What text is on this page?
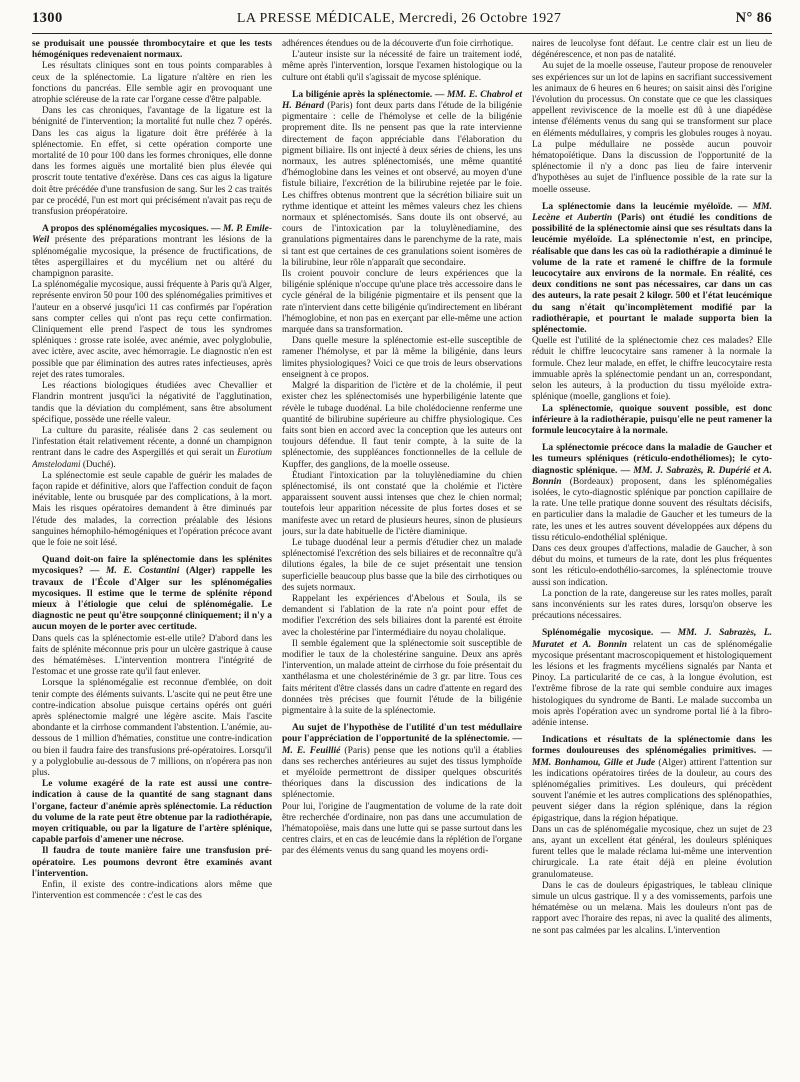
1300	LA PRESSE MÉDICALE, Mercredi, 26 Octobre 1927	N° 86

se produisait une poussée thrombocytaire et que les tests hémogéniques redevenaient normaux.

Les résultats cliniques sont en tous points comparables à ceux de la splénectomie. La ligature n'altère en rien les fonctions du pancréas. Elle semble agir en provoquant une atrophie scléreuse de la rate car l'organe cesse d'être palpable.

Dans les cas chroniques, l'avantage de la ligature est la bénignité de l'intervention; la mortalité fut nulle chez 7 opérés. Dans les cas aigus la ligature doit être préférée à la splénectomie. En effet, si cette opération comporte une mortalité de 10 pour 100 dans les formes chroniques, elle donne dans les formes aiguës une mortalité bien plus élevée qui proscrit toute tentative d'exérèse. Dans ces cas aigus la ligature doit être précédée d'une transfusion de sang. Sur les 2 cas traités par ce procédé, l'un est mort qui précisément n'avait pas reçu de transfusion préopératoire.

A propos des splénomégalies mycosiques. — M. P. Emile-Weil présente des préparations montrant les lésions de la splénomégalie mycosique, la présence de fructifications, de têtes aspergillaires et du mycélium net ou altéré du champignon parasite.

La splénomégalie mycosique, aussi fréquente à Paris qu'à Alger, représente environ 50 pour 100 des splénomégalies primitives et l'auteur en a observé jusqu'ici 11 cas confirmés par l'opération sans compter celles qui n'ont pas reçu cette confirmation. Cliniquement elle prend l'aspect de tous les syndromes spléniques : grosse rate isolée, avec anémie, avec polyglobulie, avec ictère, avec ascite, avec hémorragie. Le diagnostic n'en est possible que par élimination des autres rates infectieuses, après rejet des rates tumorales.

Les réactions biologiques étudiées avec Chevallier et Flandrin montrent jusqu'ici la négativité de l'agglutination, tandis que la déviation du complément, sans être absolument spécifique, possède une réelle valeur.

La culture du parasite, réalisée dans 2 cas seulement ou l'infestation était relativement récente, a donné un champignon rentrant dans le cadre des Aspergillés et qui serait un Eurotium Amstelodami (Duché).

La splénectomie est seule capable de guérir les malades de façon rapide et définitive, alors que l'affection conduit de façon inévitable, lente ou brusquée par des complications, à la mort. Mais les risques opératoires demandent à être diminués par l'étude des malades, la correction préalable des lésions sanguines hémophilo-hémogéniques et l'opération précoce avant que le foie ne soit lésé.

Quand doit-on faire la splénectomie dans les splénites mycosiques? — M. E. Costantini (Alger) rappelle les travaux de l'École d'Alger sur les splénomégalies mycosiques. Il estime que le terme de splénite répond mieux à l'étiologie que celui de splénomégalie. Le diagnostic ne peut qu'être soupçonné cliniquement; il n'y a aucun moyen de le porter avec certitude.

Dans quels cas la splénectomie est-elle utile? D'abord dans les faits de splénite méconnue pris pour un ulcère gastrique à cause des hématémèses. L'intervention montrera l'intégrité de l'estomac et une grosse rate qu'il faut enlever.

Lorsque la splénomégalie est reconnue d'emblée, on doit tenir compte des éléments suivants. L'ascite qui ne peut être une contre-indication absolue puisque certains opérés ont guéri après splénectomie malgré une légère ascite. Mais l'ascite abondante et la cirrhose commandent l'abstention. L'anémie, au-dessous de 1 million d'hématies, constitue une contre-indication ou bien il faudra faire des transfusions pré-opératoires. Lorsqu'il y a polyglobulie au-dessous de 7 millions, on n'opérera pas non plus.

Le volume exagéré de la rate est aussi une contre-indication à cause de la quantité de sang stagnant dans l'organe, facteur d'anémie après splénectomie. La réduction du volume de la rate peut être obtenue par la radiothérapie, moyen critiquable, ou par la ligature de l'artère splénique, capable parfois d'amener une nécrose.

Il faudra de toute manière faire une transfusion pré-opératoire. Les poumons devront être examinés avant l'intervention.

Enfin, il existe des contre-indications alors même que l'intervention est commencée : c'est le cas des

adhérences étendues ou de la découverte d'un foie cirrhotique.

L'auteur insiste sur la nécessité de faire un traitement iodé, même après l'intervention, lorsque l'examen histologique ou la culture ont établi qu'il s'agissait de mycose splénique.

La biligénie après la splénectomie. — MM. E. Chabrol et H. Bénard (Paris) font deux parts dans l'étude de la biligénie pigmentaire : celle de l'hémolyse et celle de la biligénie proprement dite. Ils ne pensent pas que la rate intervienne directement de façon appréciable dans l'élaboration du pigment biliaire. Ils ont injecté à deux séries de chiens, les uns normaux, les autres splénectomisés, une même quantité d'hémoglobine dans les veines et ont observé, au moyen d'une fistule biliaire, l'excrétion de la bilirubine rejetée par le foie. Les chiffres obtenus montrent que la sécrétion biliaire suit un rythme identique et atteint les mêmes valeurs chez les chiens normaux et splénectomisés. Sans doute ils ont observé, au cours de l'intoxication par la toluylènediamine, des granulations pigmentaires dans le parenchyme de la rate, mais si tant est que certaines de ces granulations soient isomères de la bilirubine, leur rôle n'apparaît que secondaire.

Ils croient pouvoir conclure de leurs expériences que la biligénie splénique n'occupe qu'une place très accessoire dans le cycle général de la biligénie pigmentaire et ils pensent que la rate n'intervient dans cette biligénie qu'indirectement en libérant l'hémoglobine, et non pas en exerçant par elle-même une action marquée dans sa transformation.

Dans quelle mesure la splénectomie est-elle susceptible de ramener l'hémolyse, et par là même la biligénie, dans leurs limites physiologiques? Voici ce que trois de leurs observations enseignent à ce propos.

Malgré la disparition de l'ictère et de la cholémie, il peut exister chez les splénectomisés une hyperbiligénie latente que révèle le tubage duodénal. La bile cholédocienne renferme une quantité de bilirubine supérieure au chiffre physiologique. Ces faits sont bien en accord avec la conception que les auteurs ont toujours défendue. Il faut tenir compte, à la suite de la splénectomie, des suppléances fonctionnelles de la cellule de Kupffer, des ganglions, de la moelle osseuse.

Étudiant l'intoxication par la toluylènediamine du chien splénectomisé, ils ont constaté que la cholémie et l'ictère apparaissent souvent aussi intenses que chez le chien normal; toutefois leur apparition nécessite de plus fortes doses et se manifeste avec un retard de plusieurs heures, sinon de plusieurs jours, sur la date habituelle de l'ictère diaminique.

Le tubage duodénal leur a permis d'étudier chez un malade splénectomisé l'excrétion des sels biliaires et de reconnaître qu'à dilutions égales, la bile de ce sujet présentait une tension superficielle beaucoup plus basse que la bile des cirrhotiques ou des sujets normaux.

Rappelant les expériences d'Abelous et Soula, ils se demandent si l'ablation de la rate n'a point pour effet de modifier l'excrétion des sels biliaires dont la parenté est étroite avec la cholestérine par l'intermédiaire du noyau cholalique.

Il semble également que la splénectomie soit susceptible de modifier le taux de la cholestérine sanguine. Deux ans après l'intervention, un malade atteint de cirrhose du foie présentait du xanthélasma et une cholestérinémie de 3 gr. par litre. Tous ces faits méritent d'être classés dans un cadre d'attente en regard des données très précises que fournit l'étude de la biligénie pigmentaire à la suite de la splénectomie.

Au sujet de l'hypothèse de l'utilité d'un test médullaire pour l'appréciation de l'opportunité de la splénectomie. — M. E. Feuillié (Paris) pense que les notions qu'il a établies dans ses recherches antérieures au sujet des tissus lymphoïde et myéloïde permettront de dissiper quelques obscurités théoriques dans la discussion des indications de la splénectomie.

Pour lui, l'origine de l'augmentation de volume de la rate doit être recherchée d'ordinaire, non pas dans une accumulation de l'hématopoïèse, mais dans une lutte qui se passe surtout dans les centres clairs, et en cas de leucémie dans la réplétion de l'organe par des éléments venus du sang quand les moyens ordi-

naires de leucolyse font défaut. Le centre clair est un lieu de dégénérescence, et non pas de natalité.

Au sujet de la moelle osseuse, l'auteur propose de renouveler ses expériences sur un lot de lapins en sacrifiant successivement les animaux de 6 heures en 6 heures; on saisit ainsi dès l'origine l'évolution du processus. On constate que ce que les classiques appellent reviviscence de la moelle est dû à une diapédèse intense d'éléments venus du sang qui se transforment sur place en éléments médullaires, y compris les globules rouges à noyau. La pulpe médullaire ne possède aucun pouvoir hématopoïétique. Dans la discussion de l'opportunité de la splénectomie il n'y a donc pas lieu de faire intervenir d'hypothèses au sujet de l'influence possible de la rate sur la moelle osseuse.

La splénectomie dans la leucémie myéloïde. — MM. Lecène et Aubertin (Paris) ont étudié les conditions de possibilité de la splénectomie ainsi que ses résultats dans la leucémie myéloïde. La splénectomie n'est, en principe, réalisable que dans les cas où la radiothérapie a diminué le volume de la rate et ramené le chiffre de la formule leucocytaire aux environs de la normale. En réalité, ces deux conditions ne sont pas nécessaires, car dans un cas des auteurs, la rate pesait 2 kilogr. 500 et l'état leucémique du sang n'était qu'incomplètement modifié par la radiothérapie, et pourtant le malade supporta bien la splénectomie.

Quelle est l'utilité de la splénectomie chez ces malades? Elle réduit le chiffre leucocytaire sans ramener à la normale la formule. Chez leur malade, en effet, le chiffre leucocytaire resta immuable après la splénectomie pendant un an, correspondant, selon les auteurs, à la production du tissu myéloïde extra-splénique (moelle, ganglions et foie).

La splénectomie, quoique souvent possible, est donc inférieure à la radiothérapie, puisqu'elle ne peut ramener la formule leucocytaire à la normale.

La splénectomie précoce dans la maladie de Gaucher et les tumeurs spléniques (réticulo-endothéliomes); le cyto-diagnostic splénique. — MM. J. Sabrazès, R. Dupérié et A. Bonnin (Bordeaux) proposent, dans les splénomégalies isolées, le cyto-diagnostic splénique par ponction capillaire de la rate. Une telle pratique donne souvent des résultats décisifs, en particulier dans la maladie de Gaucher et les tumeurs de la rate, les unes et les autres souvent développées aux dépens du tissu réticulo-endothélial splénique.

Dans ces deux groupes d'affections, maladie de Gaucher, à son début du moins, et tumeurs de la rate, dont les plus fréquentes sont les réticulo-endothélio-sarcomes, la splénectomie trouve aussi son indication.

La ponction de la rate, dangereuse sur les rates molles, paraît sans inconvénients sur les rates dures, lorsqu'on observe les précautions nécessaires.

Splénomégalie mycosique. — MM. J. Sabrazès, L. Muratet et A. Bonnin relatent un cas de splénomégalie mycosique présentant macroscopiquement et histologiquement les lésions et les fragments mycéliens signalés par Nanta et Pinoy. La particularité de ce cas, à la longue évolution, est l'extrême fibrose de la rate qui semble conduire aux images histologiques du syndrome de Banti. Le malade succomba un mois après l'opération avec un syndrome portal lié à la fibro-adénie intense.
Indications et résultats de la splénectomie dans les formes douloureuses des splénomégalies primitives. — MM. Bonhamou, Gille et Jude (Alger) attirent l'attention sur les indications opératoires tirées de la douleur, au cours des splénomégalies primitives. Les douleurs, qui précèdent souvent l'anémie et les autres complications des splénopathies, peuvent siéger dans la région splénique, dans la région épigastrique, dans la région hépatique.

Dans un cas de splénomégalie mycosique, chez un sujet de 23 ans, ayant un excellent état général, les douleurs spléniques furent telles que le malade réclama lui-même une intervention chirurgicale. La rate était déjà en pleine évolution granulomateuse.

Dans le cas de douleurs épigastriques, le tableau clinique simule un ulcus gastrique. Il y a des vomissements, parfois une hématémèse ou un melæna. Mais les douleurs n'ont pas de rapport avec l'horaire des repas, ni avec la qualité des aliments, ne sont pas calmées par les alcalins. L'intervention
